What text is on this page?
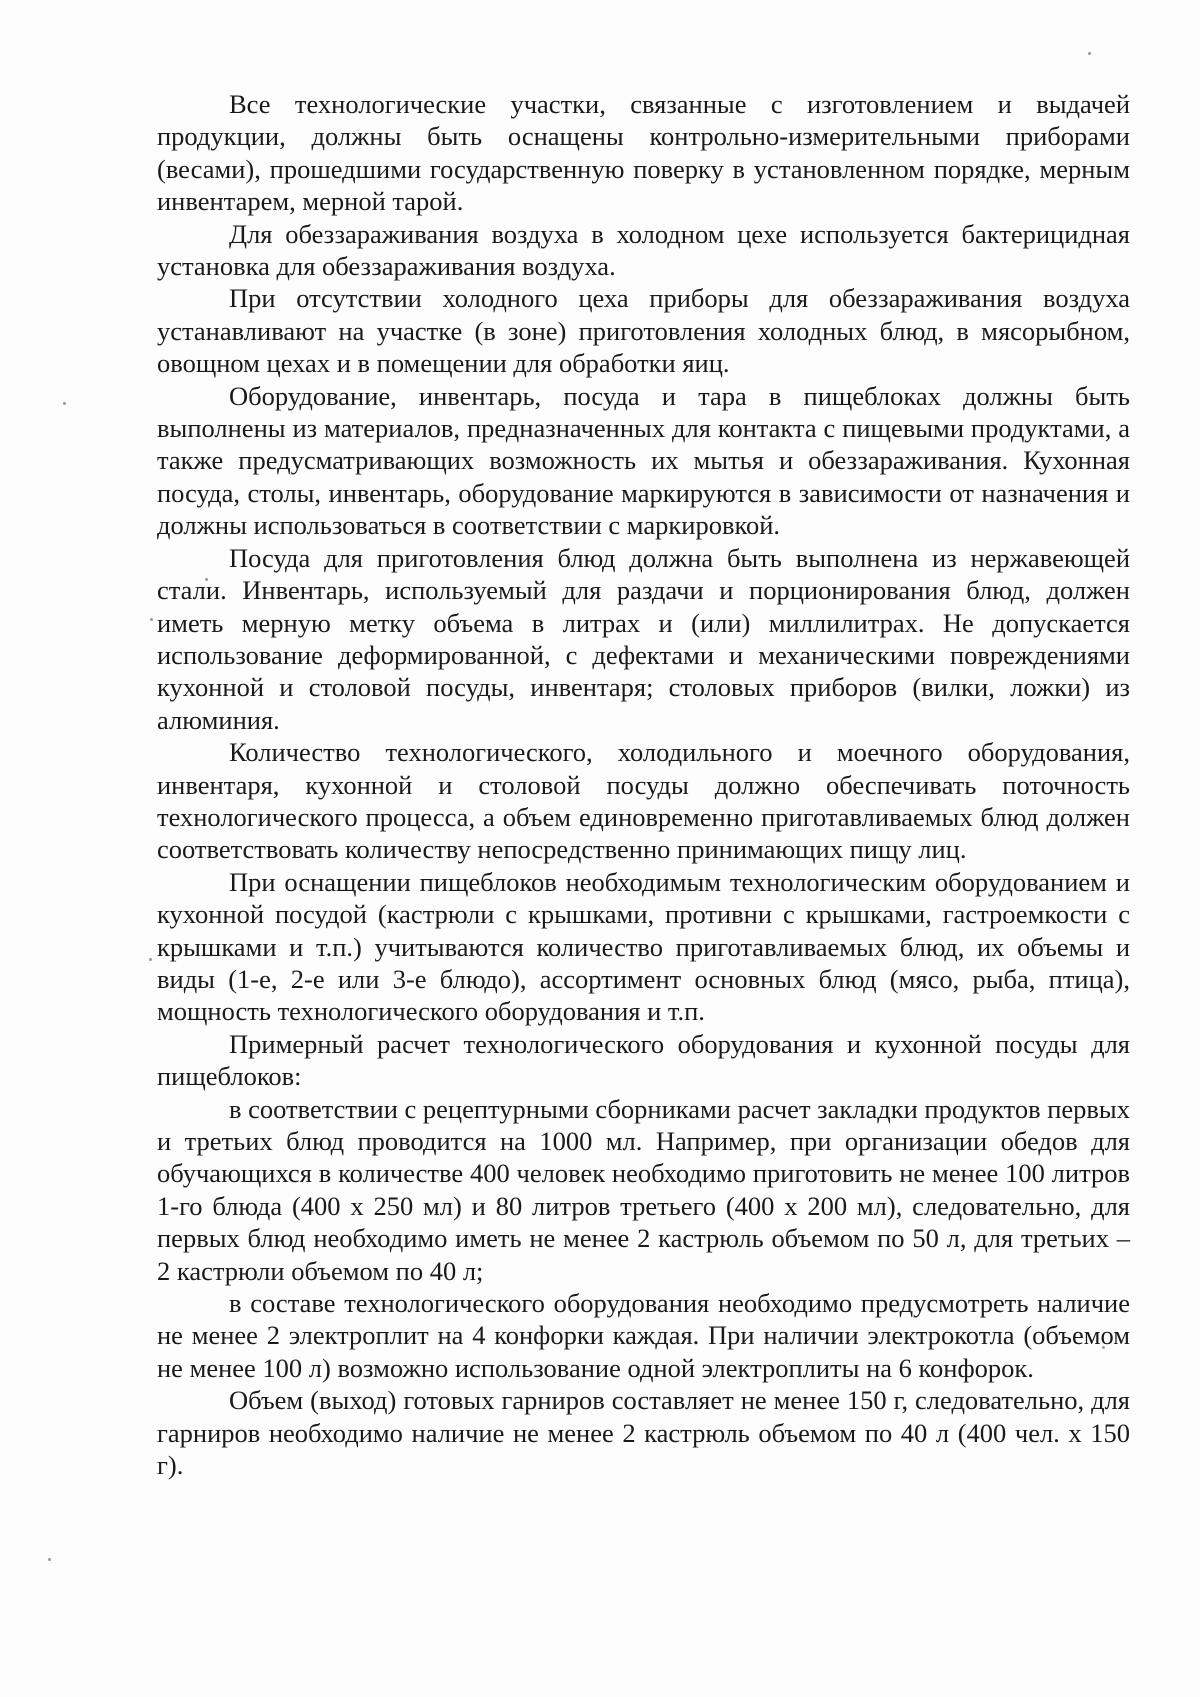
Все технологические участки, связанные с изготовлением и выдачей продукции, должны быть оснащены контрольно-измерительными приборами (весами), прошедшими государственную поверку в установленном порядке, мерным инвентарем, мерной тарой.

Для обеззараживания воздуха в холодном цехе используется бактерицидная установка для обеззараживания воздуха.

При отсутствии холодного цеха приборы для обеззараживания воздуха устанавливают на участке (в зоне) приготовления холодных блюд, в мясорыбном, овощном цехах и в помещении для обработки яиц.

Оборудование, инвентарь, посуда и тара в пищеблоках должны быть выполнены из материалов, предназначенных для контакта с пищевыми продуктами, а также предусматривающих возможность их мытья и обеззараживания. Кухонная посуда, столы, инвентарь, оборудование маркируются в зависимости от назначения и должны использоваться в соответствии с маркировкой.

Посуда для приготовления блюд должна быть выполнена из нержавеющей стали. Инвентарь, используемый для раздачи и порционирования блюд, должен иметь мерную метку объема в литрах и (или) миллилитрах. Не допускается использование деформированной, с дефектами и механическими повреждениями кухонной и столовой посуды, инвентаря; столовых приборов (вилки, ложки) из алюминия.

Количество технологического, холодильного и моечного оборудования, инвентаря, кухонной и столовой посуды должно обеспечивать поточность технологического процесса, а объем единовременно приготавливаемых блюд должен соответствовать количеству непосредственно принимающих пищу лиц.

При оснащении пищеблоков необходимым технологическим оборудованием и кухонной посудой (кастрюли с крышками, противни с крышками, гастроемкости с крышками и т.п.) учитываются количество приготавливаемых блюд, их объемы и виды (1-е, 2-е или 3-е блюдо), ассортимент основных блюд (мясо, рыба, птица), мощность технологического оборудования и т.п.

Примерный расчет технологического оборудования и кухонной посуды для пищеблоков:

в соответствии с рецептурными сборниками расчет закладки продуктов первых и третьих блюд проводится на 1000 мл. Например, при организации обедов для обучающихся в количестве 400 человек необходимо приготовить не менее 100 литров 1-го блюда (400 х 250 мл) и 80 литров третьего (400 х 200 мл), следовательно, для первых блюд необходимо иметь не менее 2 кастрюль объемом по 50 л, для третьих – 2 кастрюли объемом по 40 л;

в составе технологического оборудования необходимо предусмотреть наличие не менее 2 электроплит на 4 конфорки каждая. При наличии электрокотла (объемом не менее 100 л) возможно использование одной электроплиты на 6 конфорок.

Объем (выход) готовых гарниров составляет не менее 150 г, следовательно, для гарниров необходимо наличие не менее 2 кастрюль объемом по 40 л (400 чел. х 150 г).
